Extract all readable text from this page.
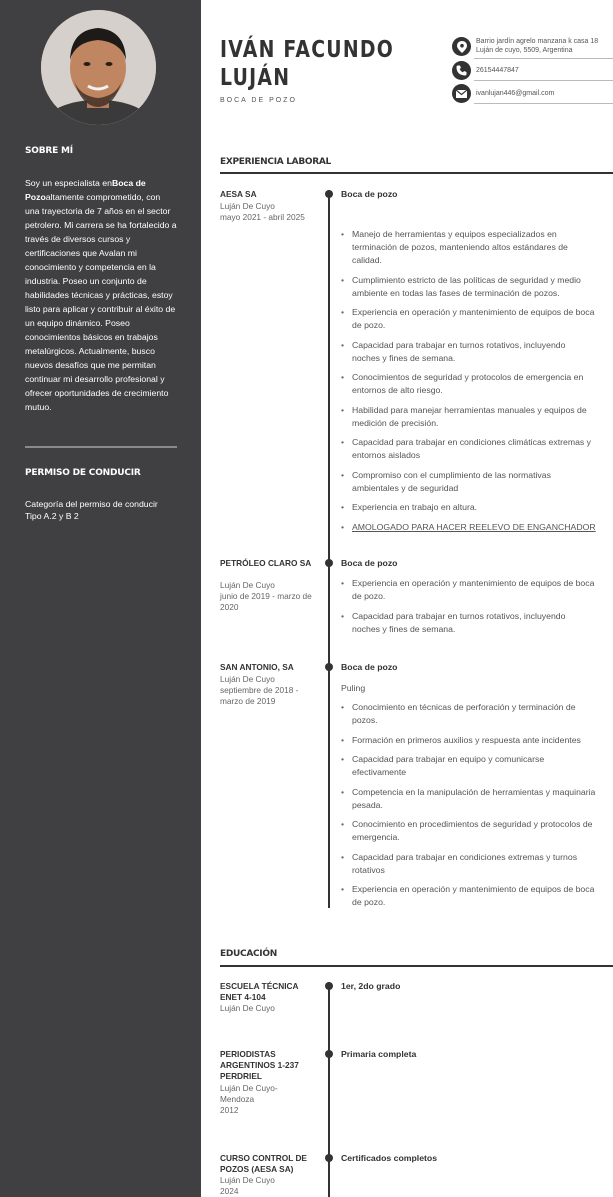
SOBRE MÍ
Soy un especialista enBoca de Pozoaltamente comprometido, con una trayectoria de 7 años en el sector petrolero. Mi carrera se ha fortalecido a través de diversos cursos y certificaciones que Avalan mi conocimiento y competencia en la industria. Poseo un conjunto de habilidades técnicas y prácticas, estoy listo para aplicar y contribuir al éxito de un equipo dinámico. Poseo conocimientos básicos en trabajos metalúrgicos. Actualmente, busco nuevos desafíos que me permitan continuar mi desarrollo profesional y ofrecer oportunidades de crecimiento mutuo.
PERMISO DE CONDUCIR
Categoría del permiso de conducir Tipo A.2 y B 2
IVÁN FACUNDO LUJÁN
BOCA DE POZO
Barrio jardín agrelo manzana k casa 18
Luján de cuyo, 5509, Argentina
26154447847
ivanlujan446@gmail.com
EXPERIENCIA LABORAL
AESA SA
Luján De Cuyo
mayo 2021 - abril 2025
Boca de pozo
• Manejo de herramientas y equipos especializados en
terminación de pozos, manteniendo altos estándares de
calidad.
• Cumplimiento estricto de las políticas de seguridad y medio
ambiente en todas las fases de terminación de pozos.
• Experiencia en operación y mantenimiento de equipos de boca
de pozo.
• Capacidad para trabajar en turnos rotativos, incluyendo
noches y fines de semana.
• Conocimientos de seguridad y protocolos de emergencia en
entornos de alto riesgo.
• Habilidad para manejar herramientas manuales y equipos de
medición de precisión.
• Capacidad para trabajar en condiciones climáticas extremas y
entornos aislados
• Compromiso con el cumplimiento de las normativas
ambientales y de seguridad
• Experiencia en trabajo en altura.
• AMOLOGADO PARA HACER REELEVO DE ENGANCHADOR
PETRÓLEO CLARO SA
Luján De Cuyo
junio de 2019 - marzo de 2020
Boca de pozo
• Experiencia en operación y mantenimiento de equipos de boca
de pozo.
• Capacidad para trabajar en turnos rotativos, incluyendo
noches y fines de semana.
SAN ANTONIO, SA
Luján De Cuyo
septiembre de 2018 - marzo de 2019
Boca de pozo
Puling
• Conocimiento en técnicas de perforación y terminación de
pozos.
• Formación en primeros auxilios y respuesta ante incidentes
• Capacidad para trabajar en equipo y comunicarse
efectivamente
• Competencia en la manipulación de herramientas y maquinaria
pesada.
• Conocimiento en procedimientos de seguridad y protocolos de
emergencia.
• Capacidad para trabajar en condiciones extremas y turnos
rotativos
• Experiencia en operación y mantenimiento de equipos de boca
de pozo.
EDUCACIÓN
ESCUELA TÉCNICA ENET 4-104
Luján De Cuyo
1er, 2do grado
PERIODISTAS ARGENTINOS 1-237 PERDRIEL
Luján De Cuyo-
Mendoza
2012
Primaria completa
CURSO CONTROL DE POZOS (AESA SA)
Luján De Cuyo
2024
Certificados completos
